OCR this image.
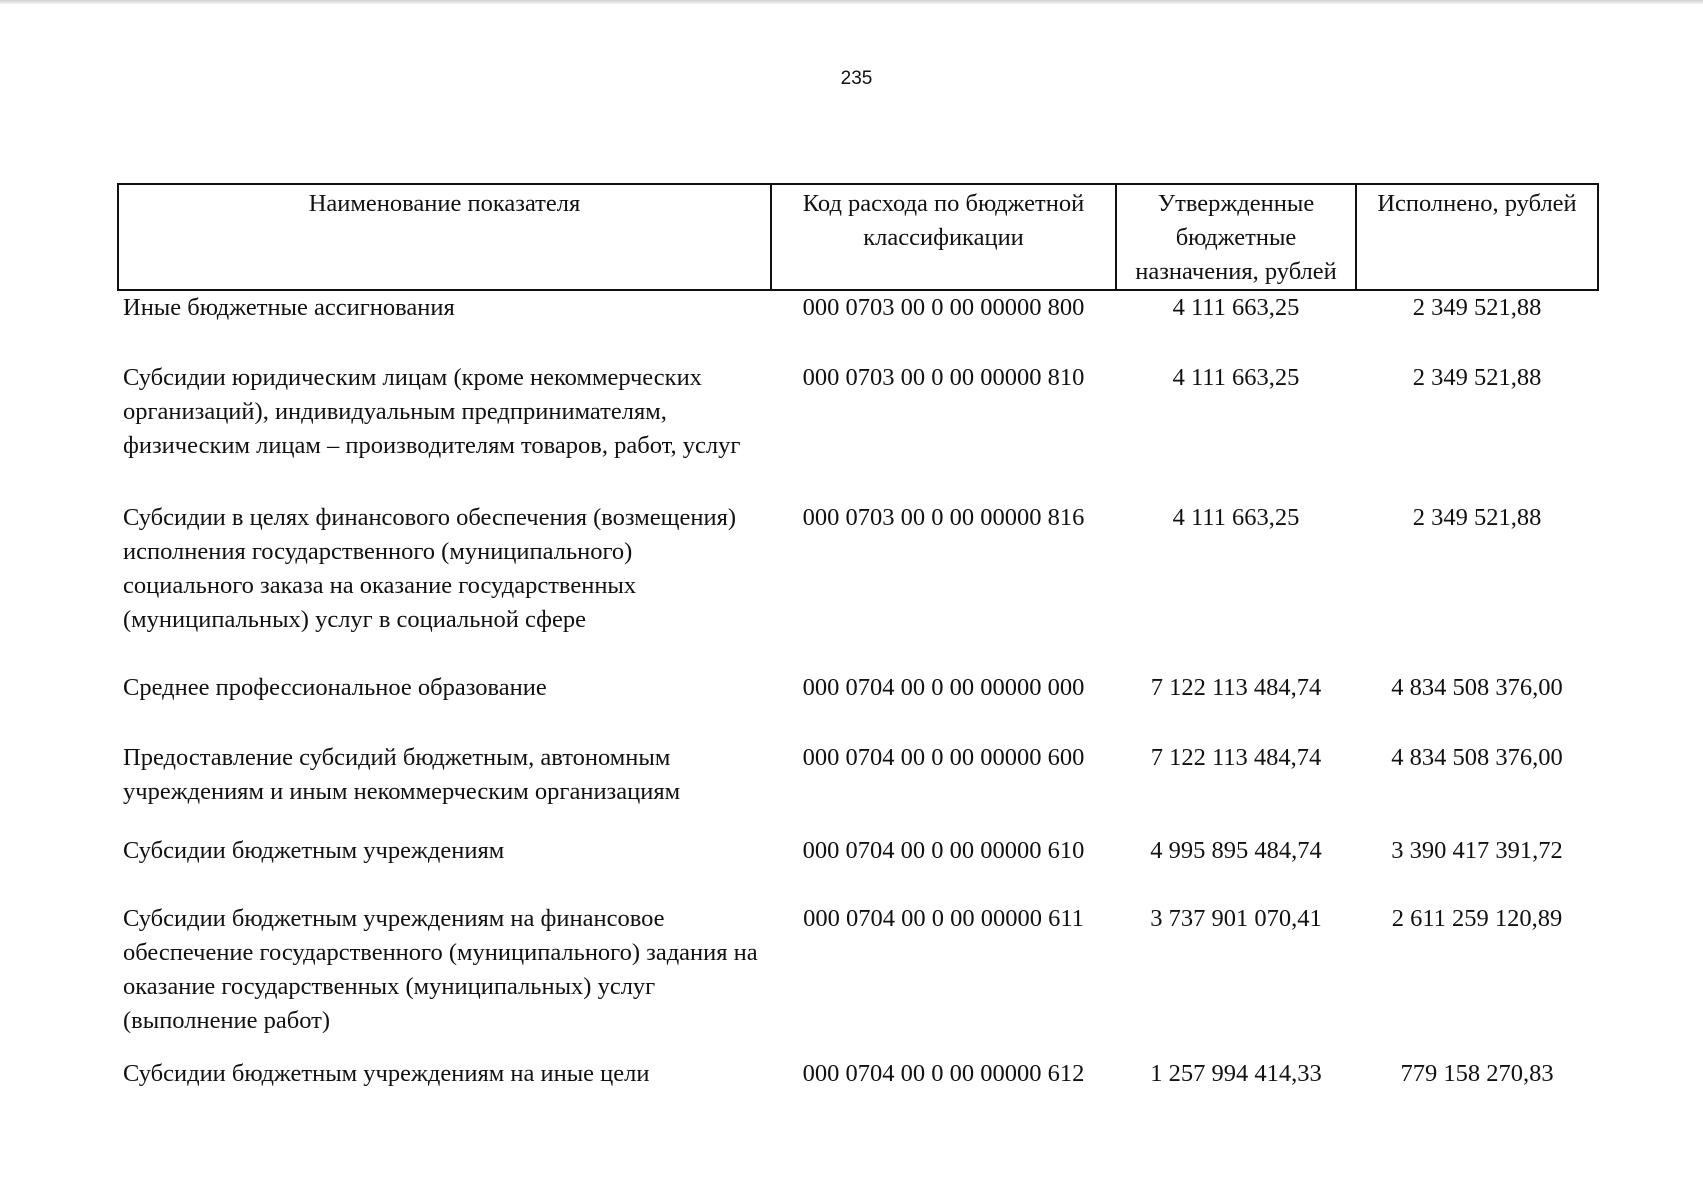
235
Наименование показателя	Код расхода по бюджетной классификации	Утвержденные бюджетные назначения, рублей	Исполнено, рублей
Иные бюджетные ассигнования	000 0703 00 0 00 00000 800	4 111 663,25	2 349 521,88
Субсидии юридическим лицам (кроме некоммерческих организаций), индивидуальным предпринимателям, физическим лицам – производителям товаров, работ, услуг	000 0703 00 0 00 00000 810	4 111 663,25	2 349 521,88
Субсидии в целях финансового обеспечения (возмещения) исполнения государственного (муниципального) социального заказа на оказание государственных (муниципальных) услуг в социальной сфере	000 0703 00 0 00 00000 816	4 111 663,25	2 349 521,88
Среднее профессиональное образование	000 0704 00 0 00 00000 000	7 122 113 484,74	4 834 508 376,00
Предоставление субсидий бюджетным, автономным учреждениям и иным некоммерческим организациям	000 0704 00 0 00 00000 600	7 122 113 484,74	4 834 508 376,00
Субсидии бюджетным учреждениям	000 0704 00 0 00 00000 610	4 995 895 484,74	3 390 417 391,72
Субсидии бюджетным учреждениям на финансовое обеспечение государственного (муниципального) задания на оказание государственных (муниципальных) услуг (выполнение работ)	000 0704 00 0 00 00000 611	3 737 901 070,41	2 611 259 120,89
Субсидии бюджетным учреждениям на иные цели	000 0704 00 0 00 00000 612	1 257 994 414,33	779 158 270,83
